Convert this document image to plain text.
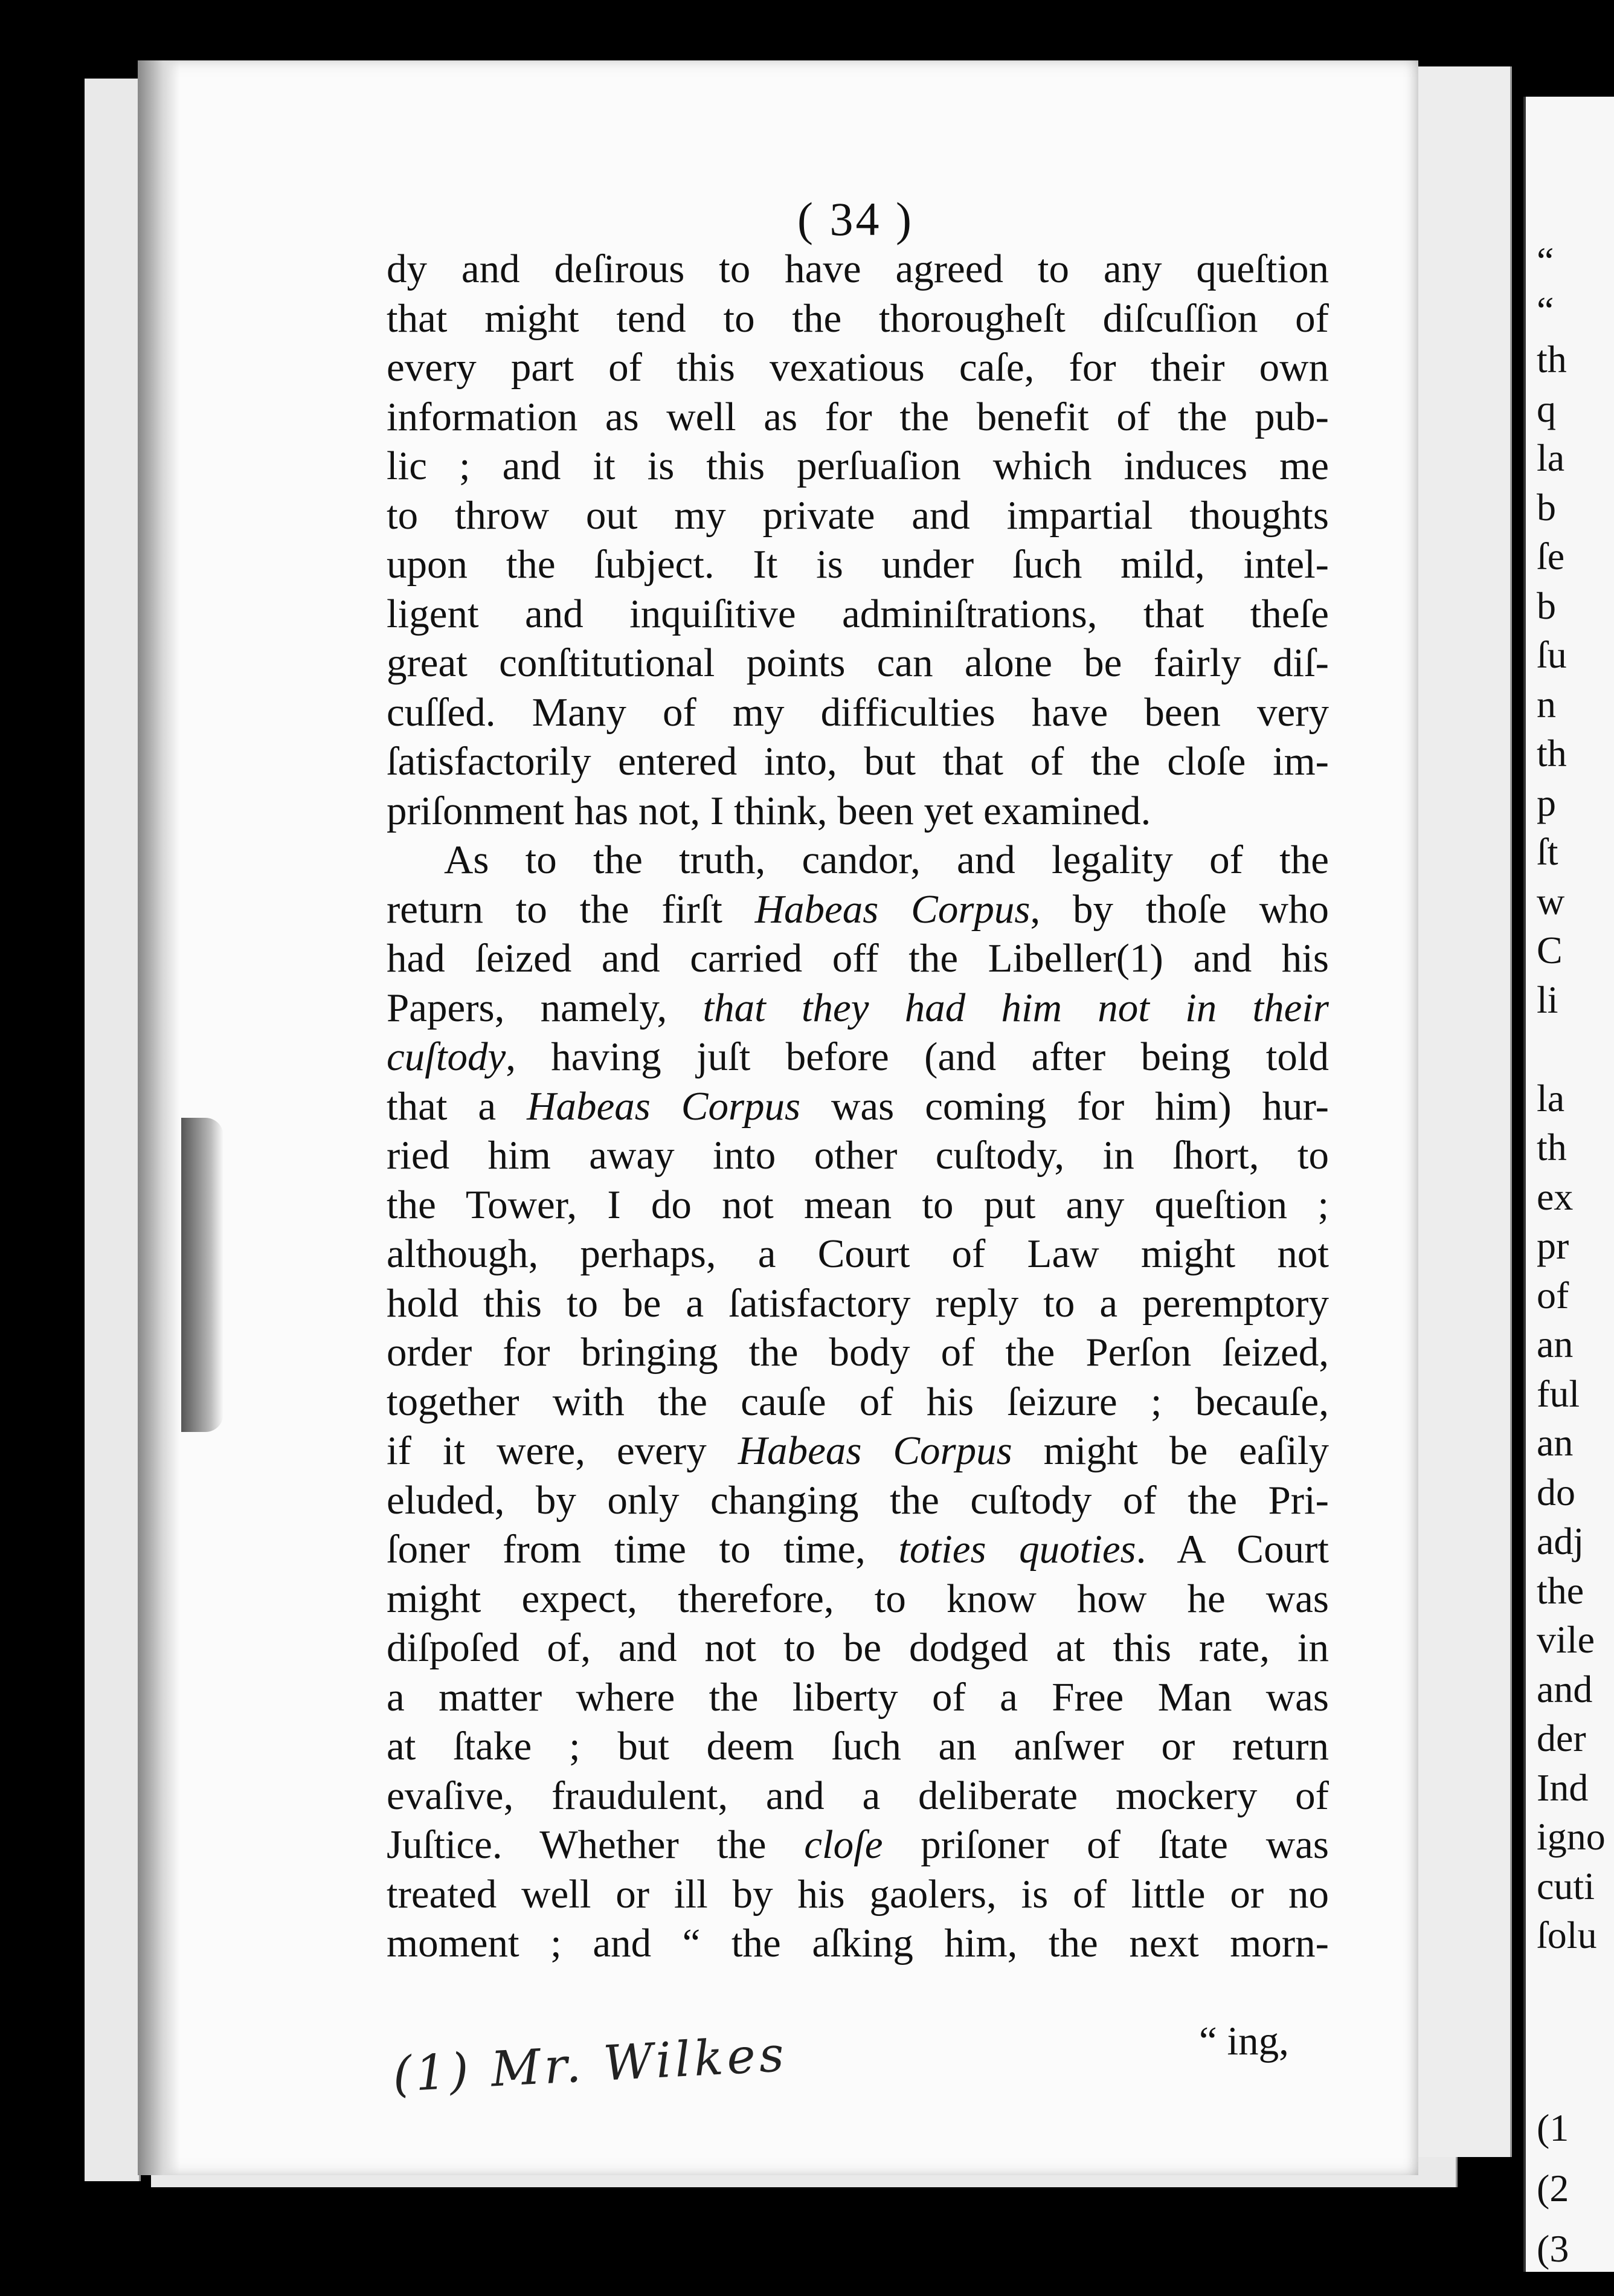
“
“
th
q
la
b
ſe
b
ſu
n
th
p
ſt
w
C
li
la
th
ex
pr
of
an
ful
an
do
adj
the
vile
and
der
Ind
igno
cuti
ſolu
(1
(2
(3
( 34 )
dy and deſirous to have agreed to any queſtion
that might tend to the thorougheſt diſcuſſion of
every part of this vexatious caſe, for their own
information as well as for the benefit of the pub-
lic ; and it is this perſuaſion which induces me
to throw out my private and impartial thoughts
upon the ſubject. It is under ſuch mild, intel-
ligent and inquiſitive adminiſtrations, that theſe
great conſtitutional points can alone be fairly diſ-
cuſſed. Many of my difficulties have been very
ſatisfactorily entered into, but that of the cloſe im-
priſonment has not, I think, been yet examined.
As to the truth, candor, and legality of the
return to the firſt Habeas Corpus, by thoſe who
had ſeized and carried off the Libeller(1) and his
Papers, namely, that they had him not in their
cuſtody, having juſt before (and after being told
that a Habeas Corpus was coming for him) hur-
ried him away into other cuſtody, in ſhort, to
the Tower, I do not mean to put any queſtion ;
although, perhaps, a Court of Law might not
hold this to be a ſatisfactory reply to a peremptory
order for bringing the body of the Perſon ſeized,
together with the cauſe of his ſeizure ; becauſe,
if it were, every Habeas Corpus might be eaſily
eluded, by only changing the cuſtody of the Pri-
ſoner from time to time, toties quoties. A Court
might expect, therefore, to know how he was
diſpoſed of, and not to be dodged at this rate, in
a matter where the liberty of a Free Man was
at ſtake ; but deem ſuch an anſwer or return
evaſive, fraudulent, and a deliberate mockery of
Juſtice. Whether the cloſe priſoner of ſtate was
treated well or ill by his gaolers, is of little or no
moment ; and “ the aſking him, the next morn-
“ ing,
(1) Mr. Wilkes
